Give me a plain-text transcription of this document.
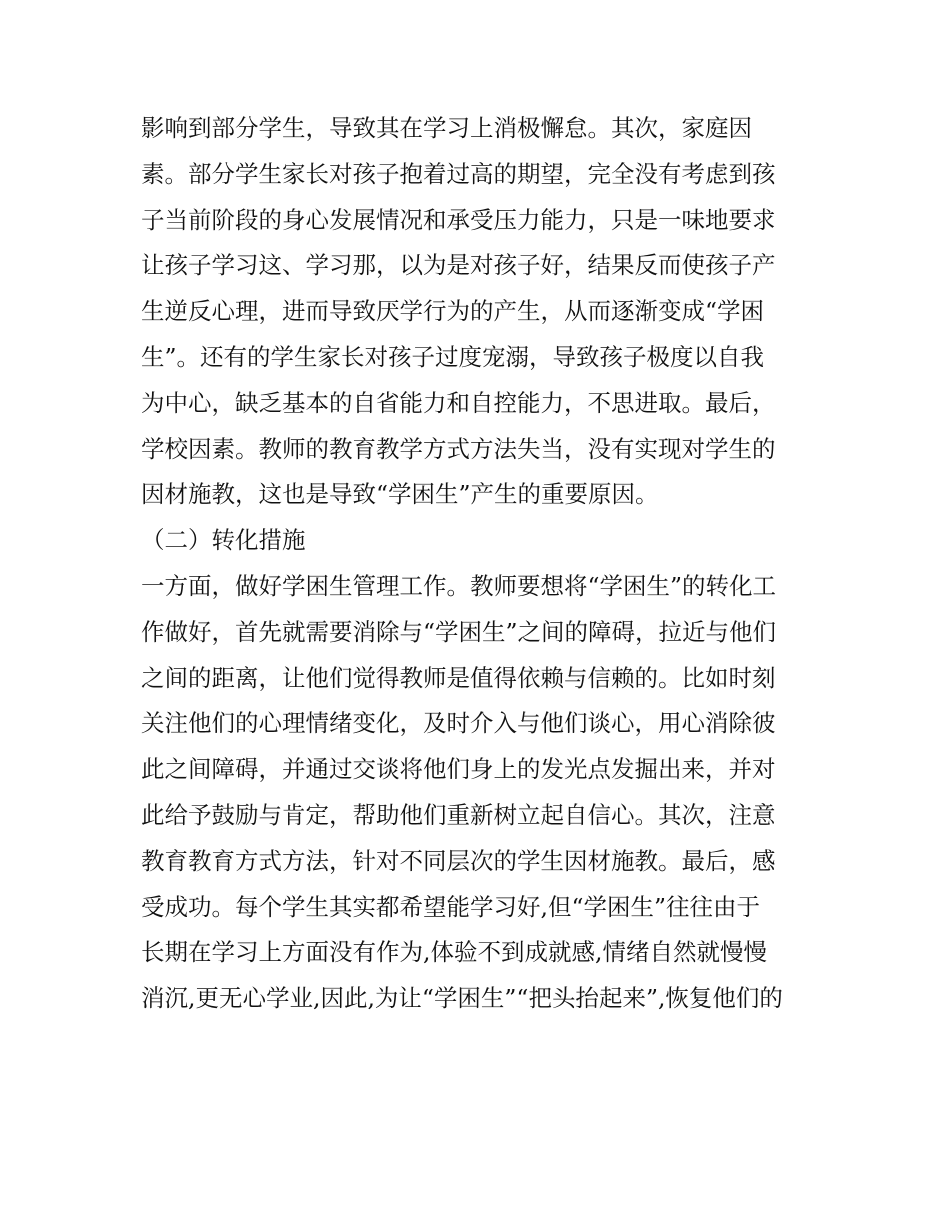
影响到部分学生，导致其在学习上消极懈怠。其次，家庭因
素。部分学生家长对孩子抱着过高的期望，完全没有考虑到孩
子当前阶段的身心发展情况和承受压力能力，只是一味地要求
让孩子学习这、学习那，以为是对孩子好，结果反而使孩子产
生逆反心理，进而导致厌学行为的产生，从而逐渐变成“学困
生”。还有的学生家长对孩子过度宠溺，导致孩子极度以自我
为中心，缺乏基本的自省能力和自控能力，不思进取。最后，
学校因素。教师的教育教学方式方法失当，没有实现对学生的
因材施教，这也是导致“学困生”产生的重要原因。
（二）转化措施
一方面，做好学困生管理工作。教师要想将“学困生”的转化工
作做好，首先就需要消除与“学困生”之间的障碍，拉近与他们
之间的距离，让他们觉得教师是值得依赖与信赖的。比如时刻
关注他们的心理情绪变化，及时介入与他们谈心，用心消除彼
此之间障碍，并通过交谈将他们身上的发光点发掘出来，并对
此给予鼓励与肯定，帮助他们重新树立起自信心。其次，注意
教育教育方式方法，针对不同层次的学生因材施教。最后，感
受成功。每个学生其实都希望能学习好,但“学困生”往往由于
长期在学习上方面没有作为,体验不到成就感,情绪自然就慢慢
消沉,更无心学业,因此,为让“学困生”“把头抬起来”,恢复他们的
